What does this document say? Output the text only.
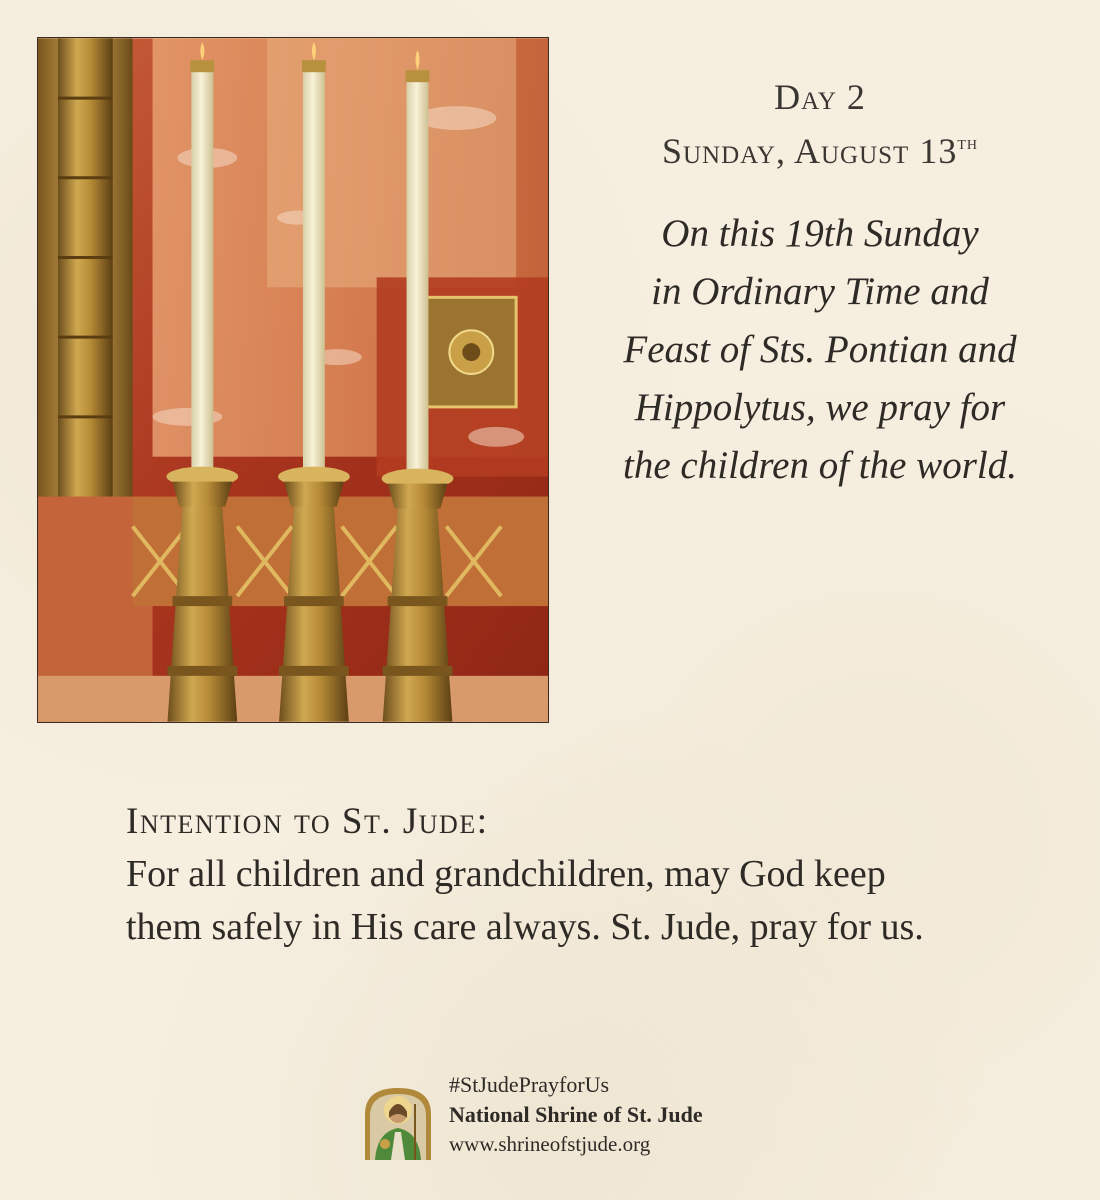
Day 2
Sunday, August 13th
On this 19th Sunday
in Ordinary Time and
Feast of Sts. Pontian and
Hippolytus, we pray for
the children of the world.
Intention to St. Jude:
For all children and grandchildren, may God keep
them safely in His care always. St. Jude, pray for us.
#StJudePrayforUs
National Shrine of St. Jude
www.shrineofstjude.org
